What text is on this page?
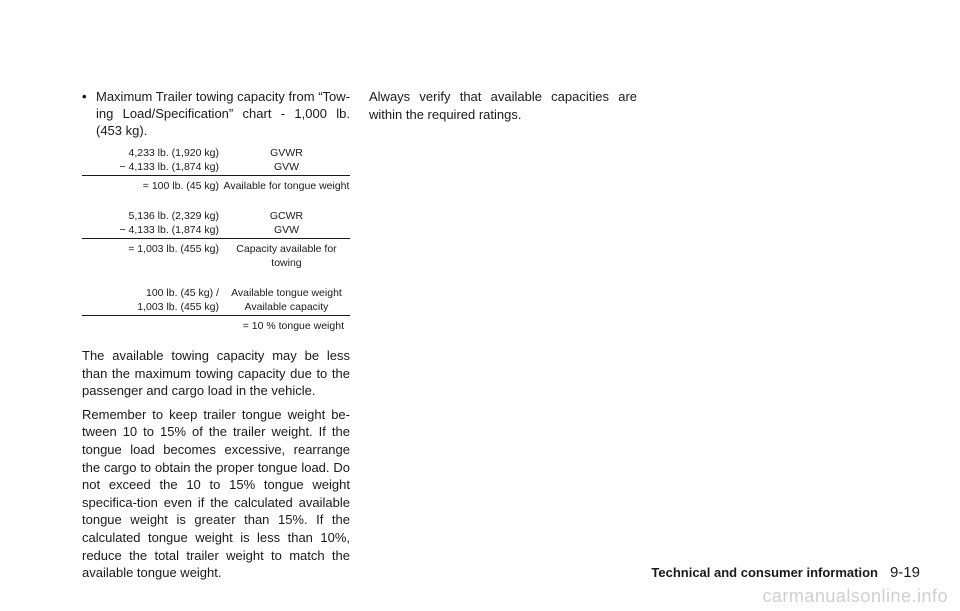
• Maximum Trailer towing capacity from “Tow-ing Load/Specification” chart - 1,000 lb. (453 kg).
4,233 lb. (1,920 kg)	GVWR
− 4,133 lb. (1,874 kg)	GVW
= 100 lb. (45 kg) Available for tongue weight
5,136 lb. (2,329 kg)	GCWR
− 4,133 lb. (1,874 kg)	GVW
= 1,003 lb. (455 kg)	Capacity available for towing
100 lb. (45 kg) /	Available tongue weight
1,003 lb. (455 kg)	Available capacity
= 10 % tongue weight

The available towing capacity may be less than the maximum towing capacity due to the passenger and cargo load in the vehicle.

Remember to keep trailer tongue weight be-tween 10 to 15% of the trailer weight. If the tongue load becomes excessive, rearrange the cargo to obtain the proper tongue load. Do not exceed the 10 to 15% tongue weight specifica-tion even if the calculated available tongue weight is greater than 15%. If the calculated tongue weight is less than 10%, reduce the total trailer weight to match the available tongue weight.

Always verify that available capacities are within the required ratings.

Technical and consumer information 9-19
carmanualsonline.info
